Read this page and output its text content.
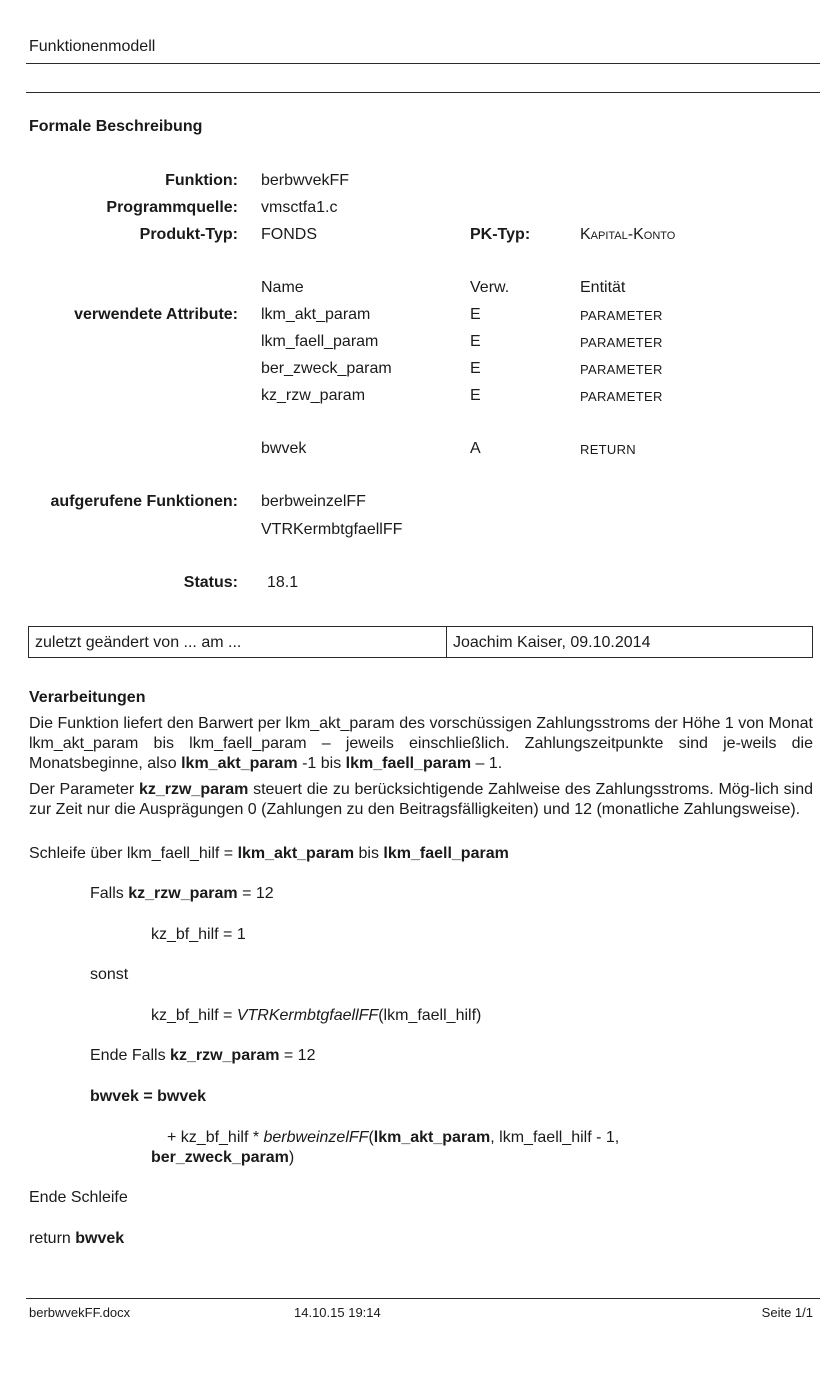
Funktionenmodell
Formale Beschreibung
Funktion: berbwvekFF
Programmquelle: vmsctfa1.c
Produkt-Typ: FONDS	PK-Typ:	Kapital-Konto
Name	Verw.	Entität
verwendete Attribute: lkm_akt_param	E	PARAMETER
lkm_faell_param	E	PARAMETER
ber_zweck_param	E	PARAMETER
kz_rzw_param	E	PARAMETER
bwvek	A	RETURN
aufgerufene Funktionen: berbweinzelFF
VTRKermbtgfaellFF
Status: 18.1
zuletzt geändert von ... am ...	Joachim Kaiser, 09.10.2014
Verarbeitungen
Die Funktion liefert den Barwert per lkm_akt_param des vorschüssigen Zahlungsstroms der Höhe 1 von Monat lkm_akt_param bis lkm_faell_param – jeweils einschließlich. Zahlungszeitpunkte sind je-weils die Monatsbeginne, also lkm_akt_param -1 bis lkm_faell_param – 1.
Der Parameter kz_rzw_param steuert die zu berücksichtigende Zahlweise des Zahlungsstroms. Mög-lich sind zur Zeit nur die Ausprägungen 0 (Zahlungen zu den Beitragsfälligkeiten) und 12 (monatliche Zahlungsweise).
Schleife über lkm_faell_hilf = lkm_akt_param bis lkm_faell_param
Falls kz_rzw_param = 12
kz_bf_hilf = 1
sonst
kz_bf_hilf = VTRKermbtgfaellFF(lkm_faell_hilf)
Ende Falls kz_rzw_param = 12
bwvek = bwvek
+ kz_bf_hilf * berbweinzelFF(lkm_akt_param, lkm_faell_hilf - 1,
ber_zweck_param)
Ende Schleife
return bwvek
berbwvekFF.docx	14.10.15 19:14	Seite 1/1
